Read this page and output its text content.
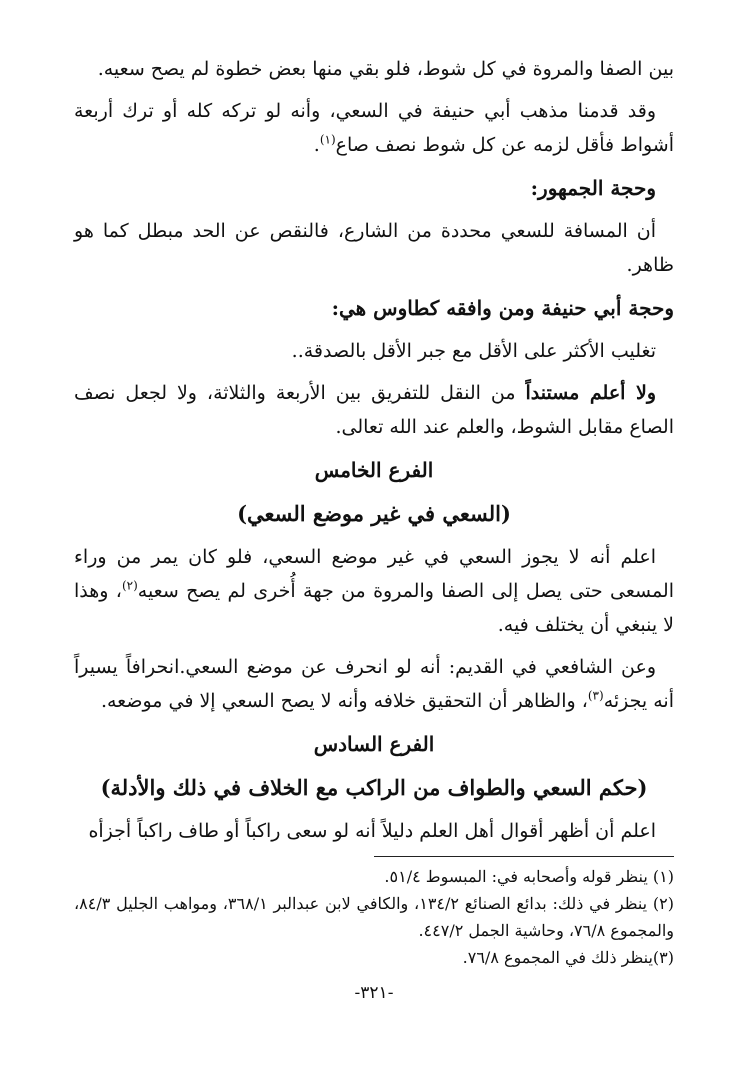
بين الصفا والمروة في كل شوط، فلو بقي منها بعض خطوة لم يصح سعيه.

وقد قدمنا مذهب أبي حنيفة في السعي، وأنه لو تركه كله أو ترك أربعة أشواط فأقل لزمه عن كل شوط نصف صاع$^{(١)}$.

وحجة الجمهور:

أن المسافة للسعي محددة من الشارع، فالنقص عن الحد مبطل كما هو ظاهر.

وحجة أبي حنيفة ومن وافقه كطاوس هي:

تغليب الأكثر على الأقل مع جبر الأقل بالصدقة..

ولا أعلم مستنداً من النقل للتفريق بين الأربعة والثلاثة، ولا لجعل نصف الصاع مقابل الشوط، والعلم عند الله تعالى.

الفرع الخامس
(السعي في غير موضع السعي)

اعلم أنه لا يجوز السعي في غير موضع السعي، فلو كان يمر من وراء المسعى حتى يصل إلى الصفا والمروة من جهة أُخرى لم يصح سعيه$^{(٢)}$، وهذا لا ينبغي أن يختلف فيه.

وعن الشافعي في القديم: أنه لو انحرف عن موضع السعي.انحرافاً يسيراً أنه يجزئه$^{(٣)}$، والظاهر أن التحقيق خلافه وأنه لا يصح السعي إلا في موضعه.

الفرع السادس
(حكم السعي والطواف من الراكب مع الخلاف في ذلك والأدلة)

اعلم أن أظهر أقوال أهل العلم دليلاً أنه لو سعى راكباً أو طاف راكباً أجزأه

(١) ينظر قوله وأصحابه في: المبسوط ٥١/٤.

(٢) ينظر في ذلك: بدائع الصنائع ١٣٤/٢، والكافي لابن عبدالبر ٣٦٨/١، ومواهب الجليل ٨٤/٣، والمجموع ٧٦/٨، وحاشية الجمل ٤٤٧/٢.

(٣)ينظر ذلك في المجموع ٧٦/٨.

-٣٢١-
